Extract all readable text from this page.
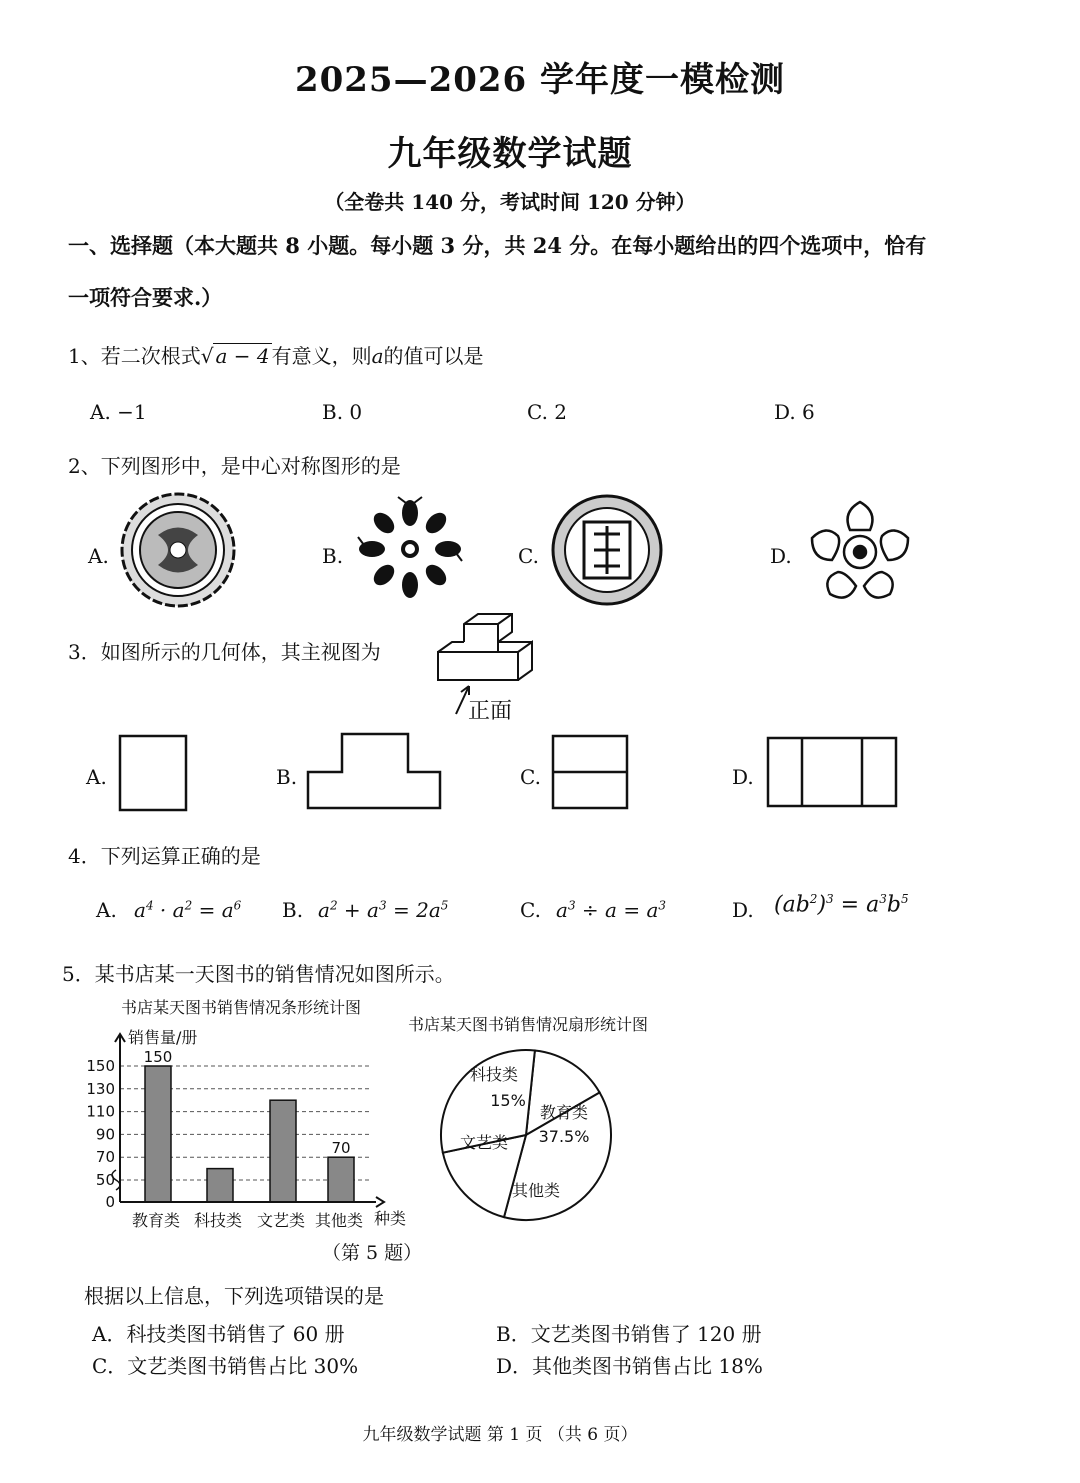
2025—2026 学年度一模检测
九年级数学试题
（全卷共 140 分，考试时间 120 分钟）
一、选择题（本大题共 8 小题。每小题 3 分，共 24 分。在每小题给出的四个选项中，恰有
一项符合要求.）
1、若二次根式√ a − 4 有意义，则a的值可以是
A. −1	B. 0	C. 2	D. 6
2、下列图形中，是中心对称图形的是
A.	B.	C.	D.
3．如图所示的几何体，其主视图为
正面
A.	B.	C.	D.
4．下列运算正确的是
A. $a^4 \cdot a^2 = a^6$ B. $a^2 + a^3 = 2a^5$	C. $a^3 \div a = a^3$	D. $(ab^2)^3 = a^3b^5$
5．某书店某一天图书的销售情况如图所示。
书店某天图书销售情况条形统计图
销售量/册
150
70
0
50
70
90
110
130
150
教育类 科技类 文艺类 其他类 种类
书店某天图书销售情况扇形统计图
科技类
15%
教育类
37.5%
其他类
文艺类
（第 5 题）
根据以上信息，下列选项错误的是
A．科技类图书销售了 60 册	B．文艺类图书销售了 120 册
C．文艺类图书销售占比 30%	D．其他类图书销售占比 18%
九年级数学试题 第 1 页 （共 6 页）
